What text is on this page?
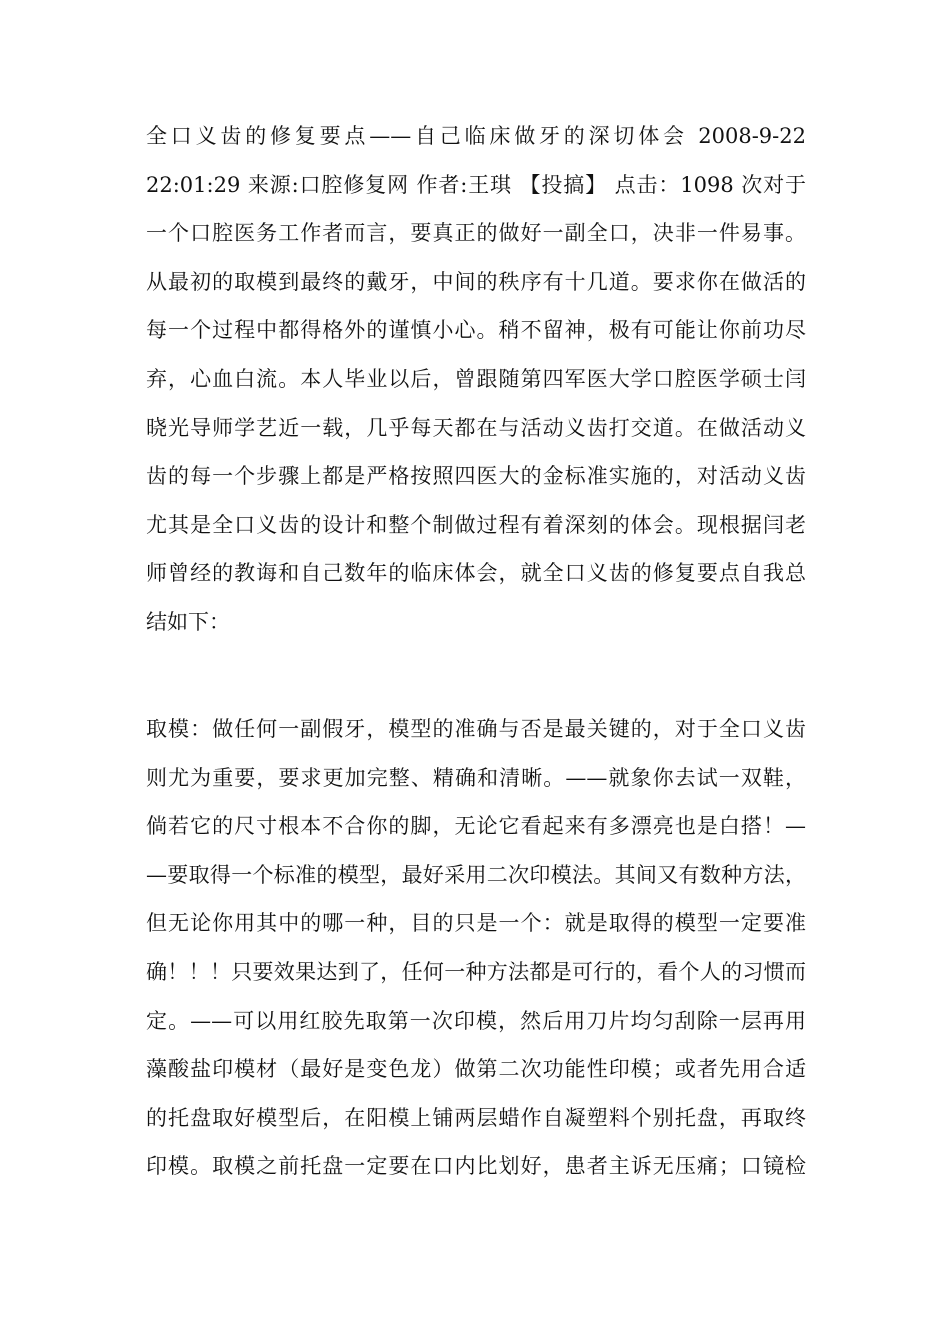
全口义齿的修复要点——自己临床做牙的深切体会 2008-9-22
22:01:29 来源:口腔修复网 作者:王琪 【投搞】 点击：1098 次对于
一个口腔医务工作者而言，要真正的做好一副全口，决非一件易事。
从最初的取模到最终的戴牙，中间的秩序有十几道。要求你在做活的
每一个过程中都得格外的谨慎小心。稍不留神，极有可能让你前功尽
弃，心血白流。本人毕业以后，曾跟随第四军医大学口腔医学硕士闫
晓光导师学艺近一载，几乎每天都在与活动义齿打交道。在做活动义
齿的每一个步骤上都是严格按照四医大的金标准实施的，对活动义齿
尤其是全口义齿的设计和整个制做过程有着深刻的体会。现根据闫老
师曾经的教诲和自己数年的临床体会，就全口义齿的修复要点自我总
结如下：
取模：做任何一副假牙，模型的准确与否是最关键的，对于全口义齿
则尤为重要，要求更加完整、精确和清晰。——就象你去试一双鞋，
倘若它的尺寸根本不合你的脚，无论它看起来有多漂亮也是白搭！—
—要取得一个标准的模型，最好采用二次印模法。其间又有数种方法，
但无论你用其中的哪一种，目的只是一个：就是取得的模型一定要准
确！！！只要效果达到了，任何一种方法都是可行的，看个人的习惯而
定。——可以用红胶先取第一次印模，然后用刀片均匀刮除一层再用
藻酸盐印模材（最好是变色龙）做第二次功能性印模；或者先用合适
的托盘取好模型后，在阳模上铺两层蜡作自凝塑料个别托盘，再取终
印模。取模之前托盘一定要在口内比划好，患者主诉无压痛；口镜检
